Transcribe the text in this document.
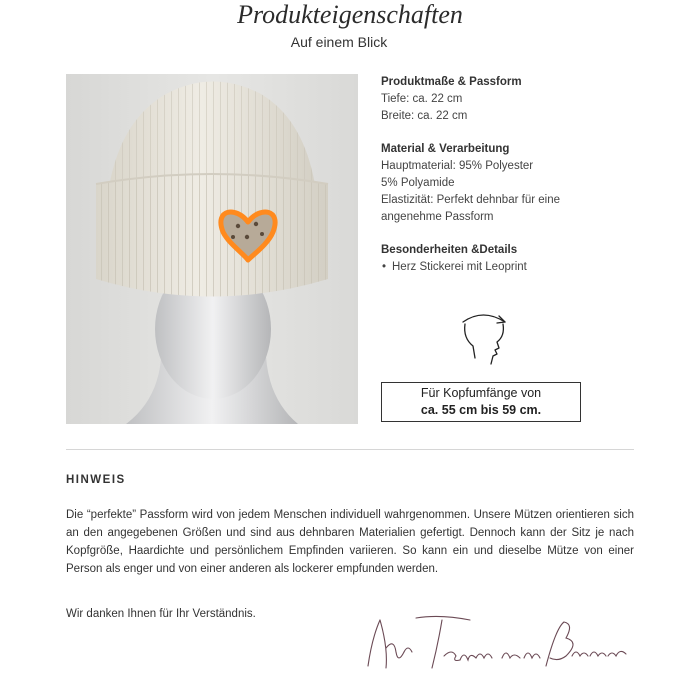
Produkteigenschaften
Auf einem Blick
Produktmaße & Passform
Tiefe: ca. 22 cm
Breite: ca. 22 cm
Material & Verarbeitung
Hauptmaterial: 95% Polyester
5% Polyamide
Elastizität: Perfekt dehnbar für eine
angenehme Passform
Besonderheiten &Details
• Herz Stickerei mit Leoprint
Für Kopfumfänge von
ca. 55 cm bis 59 cm.
HINWEIS
Die “perfekte” Passform wird von jedem Menschen individuell wahrgenommen. Unsere Mützen orientieren sich an den angegebenen Größen und sind aus dehnbaren Materialien gefertigt. Dennoch kann der Sitz je nach Kopfgröße, Haardichte und persönlichem Empfinden variieren. So kann ein und dieselbe Mütze von einer Person als enger und von einer anderen als lockerer empfunden werden.
Wir danken Ihnen für Ihr Verständnis.
